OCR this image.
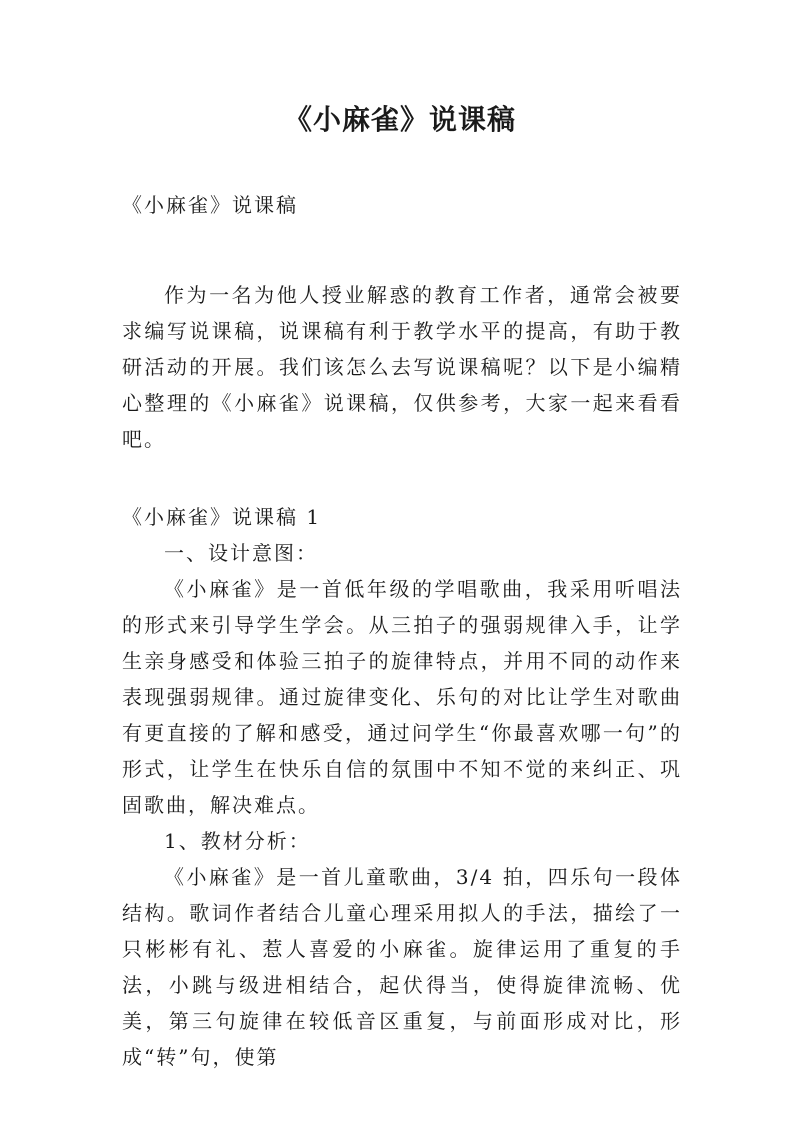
《小麻雀》说课稿
《小麻雀》说课稿

作为一名为他人授业解惑的教育工作者，通常会被要求编写说课稿，说课稿有利于教学水平的提高，有助于教研活动的开展。我们该怎么去写说课稿呢？以下是小编精心整理的《小麻雀》说课稿，仅供参考，大家一起来看看吧。

《小麻雀》说课稿 1

一、设计意图：

《小麻雀》是一首低年级的学唱歌曲，我采用听唱法的形式来引导学生学会。从三拍子的强弱规律入手，让学生亲身感受和体验三拍子的旋律特点，并用不同的动作来表现强弱规律。通过旋律变化、乐句的对比让学生对歌曲有更直接的了解和感受，通过问学生“你最喜欢哪一句”的形式，让学生在快乐自信的氛围中不知不觉的来纠正、巩固歌曲，解决难点。

1、教材分析：

《小麻雀》是一首儿童歌曲，3/4 拍，四乐句一段体结构。歌词作者结合儿童心理采用拟人的手法，描绘了一只彬彬有礼、惹人喜爱的小麻雀。旋律运用了重复的手法，小跳与级进相结合，起伏得当，使得旋律流畅、优美，第三句旋律在较低音区重复，与前面形成对比，形成“转”句，使第
